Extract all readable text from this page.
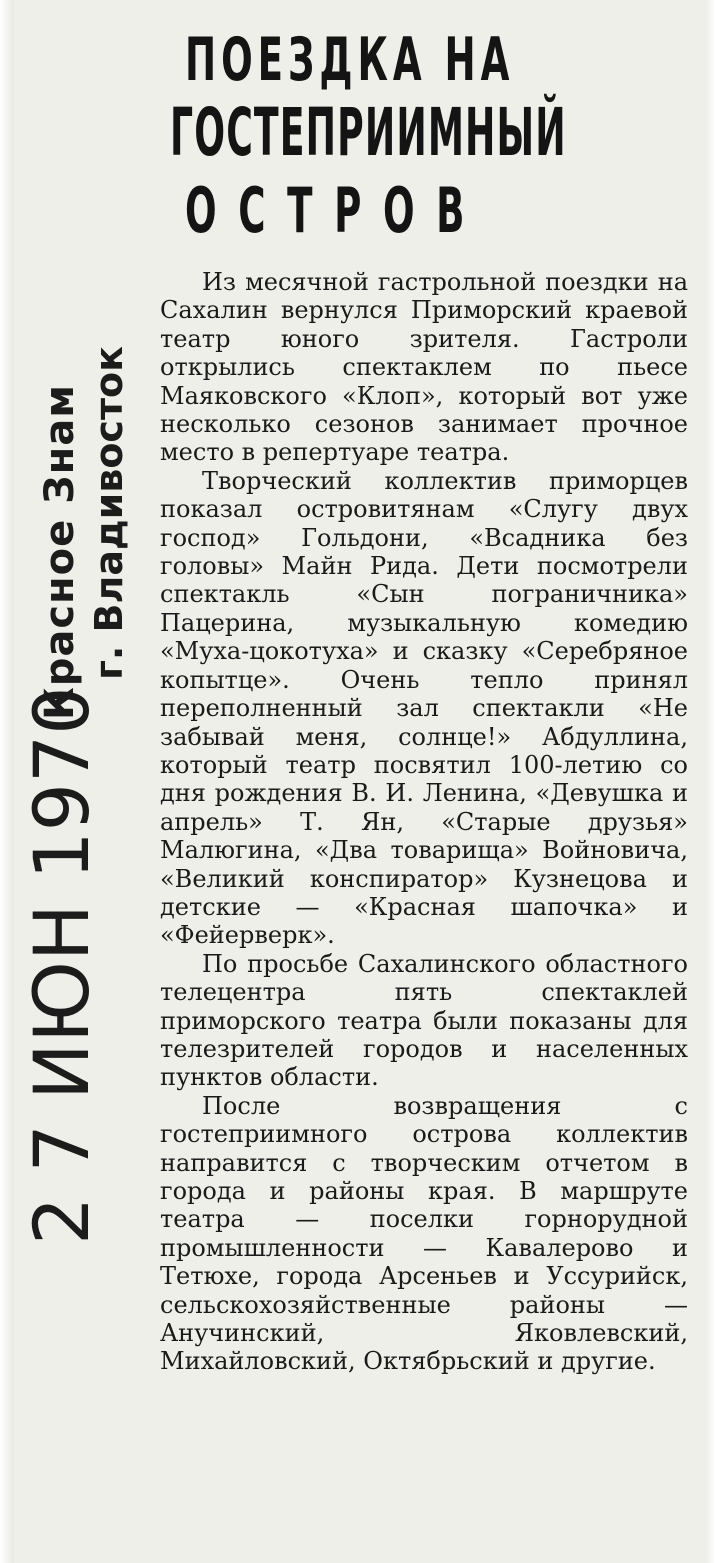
ПОЕЗДКА НА
ГОСТЕПРИИМНЫЙ
ОСТРОВ
Красное Знам г. Владивосток
2 7 ИЮН 1970

Из месячной гастрольной поездки на Сахалин вернулся Приморский краевой театр юного зрителя. Гастроли открылись спектаклем по пьесе Маяковского «Клоп», который вот уже несколько сезонов занимает прочное место в репертуаре театра.

Творческий коллектив приморцев показал островитянам «Слугу двух господ» Гольдони, «Всадника без головы» Майн Рида. Дети посмотрели спектакль «Сын пограничника» Пацерина, музыкальную комедию «Муха-цокотуха» и сказку «Серебряное копытце». Очень тепло принял переполненный зал спектакли «Не забывай меня, солнце!» Абдуллина, который театр посвятил 100-летию со дня рождения В. И. Ленина, «Девушка и апрель» Т. Ян, «Старые друзья» Малюгина, «Два товарища» Войновича, «Великий конспиратор» Кузнецова и детские — «Красная шапочка» и «Фейерверк».

По просьбе Сахалинского областного телецентра пять спектаклей приморского театра были показаны для телезрителей городов и населенных пунктов области.

После возвращения с гостеприимного острова коллектив направится с творческим отчетом в города и районы края. В маршруте театра — поселки горнорудной промышленности — Кавалерово и Тетюхе, города Арсеньев и Уссурийск, сельскохозяйственные районы — Анучинский, Яковлевский, Михайловский, Октябрьский и другие.
